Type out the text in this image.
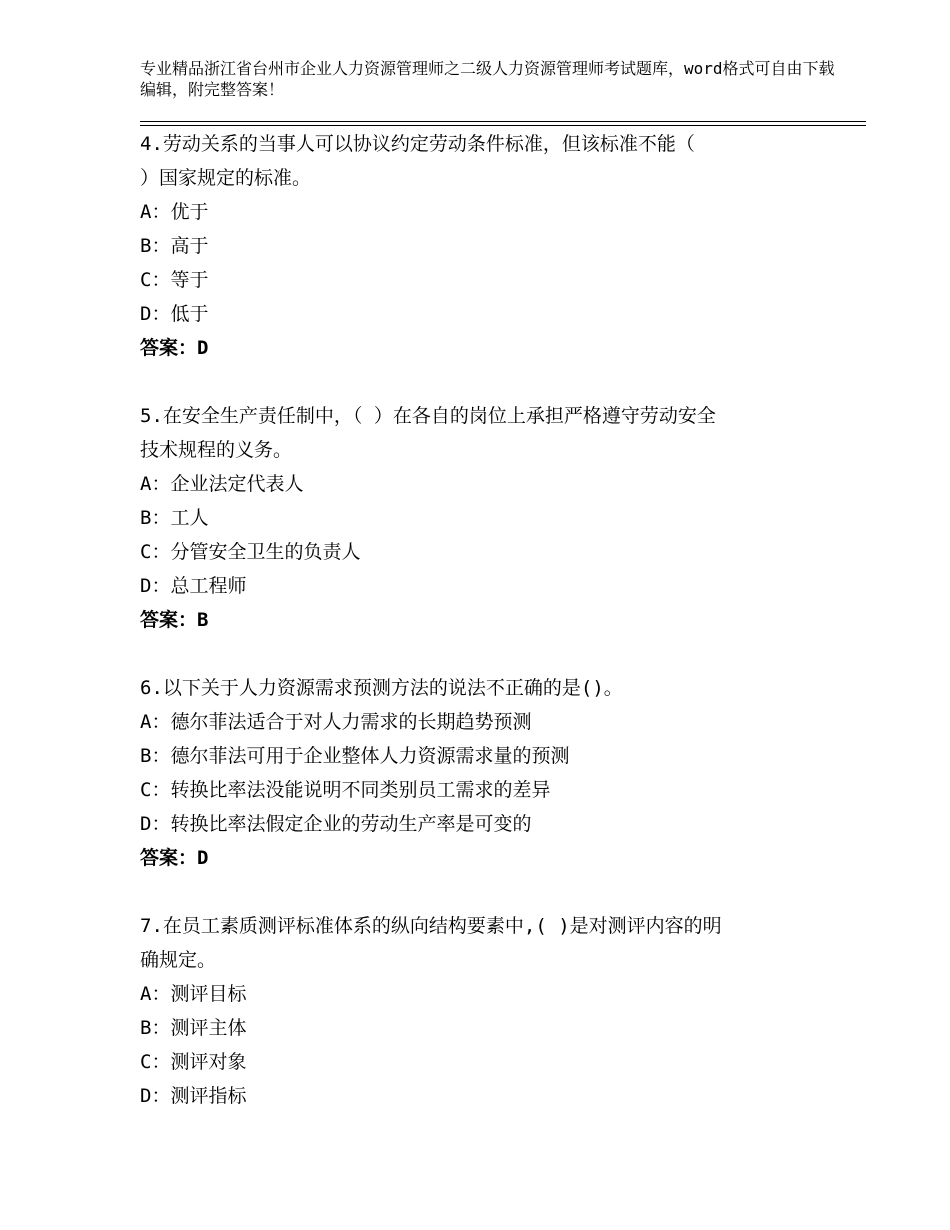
专业精品浙江省台州市企业人力资源管理师之二级人力资源管理师考试题库，word格式可自由下载编辑，附完整答案！
4.劳动关系的当事人可以协议约定劳动条件标准，但该标准不能（
）国家规定的标准。
A：优于
B：高于
C：等于
D：低于
答案：D
5.在安全生产责任制中，（ ）在各自的岗位上承担严格遵守劳动安全
技术规程的义务。
A：企业法定代表人
B：工人
C：分管安全卫生的负责人
D：总工程师
答案：B
6.以下关于人力资源需求预测方法的说法不正确的是()。
A：德尔菲法适合于对人力需求的长期趋势预测
B：德尔菲法可用于企业整体人力资源需求量的预测
C：转换比率法没能说明不同类别员工需求的差异
D：转换比率法假定企业的劳动生产率是可变的
答案：D
7.在员工素质测评标准体系的纵向结构要素中,( )是对测评内容的明
确规定。
A：测评目标
B：测评主体
C：测评对象
D：测评指标
